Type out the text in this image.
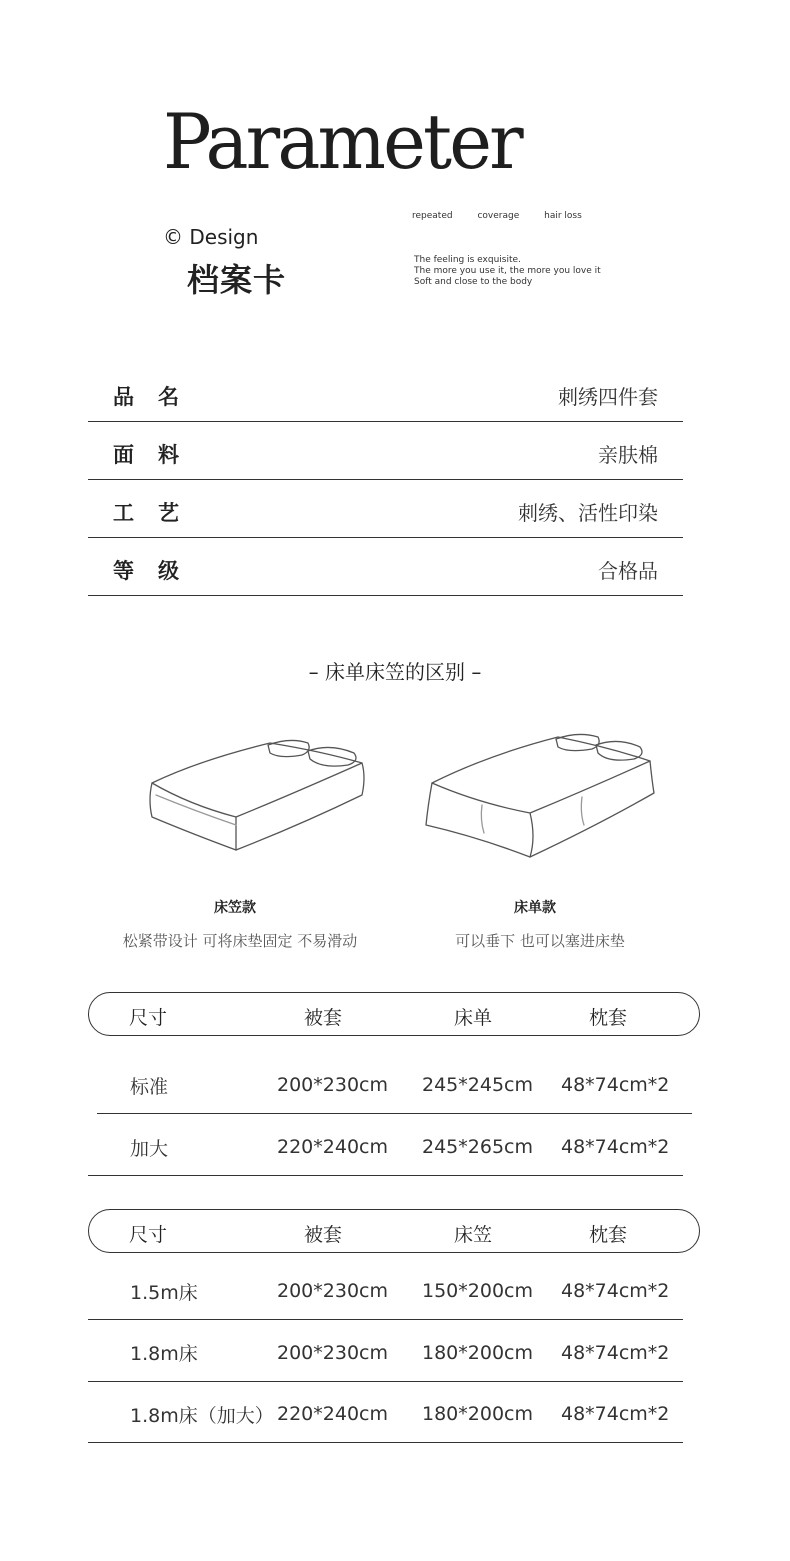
Parameter
© Design
档案卡
repeated	coverage	hair loss
The feeling is exquisite.
The more you use it, the more you love it
Soft and close to the body
品名	刺绣四件套
面料	亲肤棉
工艺	刺绣、活性印染
等级	合格品
– 床单床笠的区别 –
床笠款
松紧带设计 可将床垫固定 不易滑动
床单款
可以垂下 也可以塞进床垫
尺寸	被套	床单	枕套
标准	200*230cm 245*245cm 48*74cm*2
加大	220*240cm 245*265cm 48*74cm*2
尺寸	被套	床笠	枕套
1.5m床	200*230cm 150*200cm 48*74cm*2
1.8m床	200*230cm 180*200cm 48*74cm*2
1.8m床（加大） 220*240cm 180*200cm 48*74cm*2
